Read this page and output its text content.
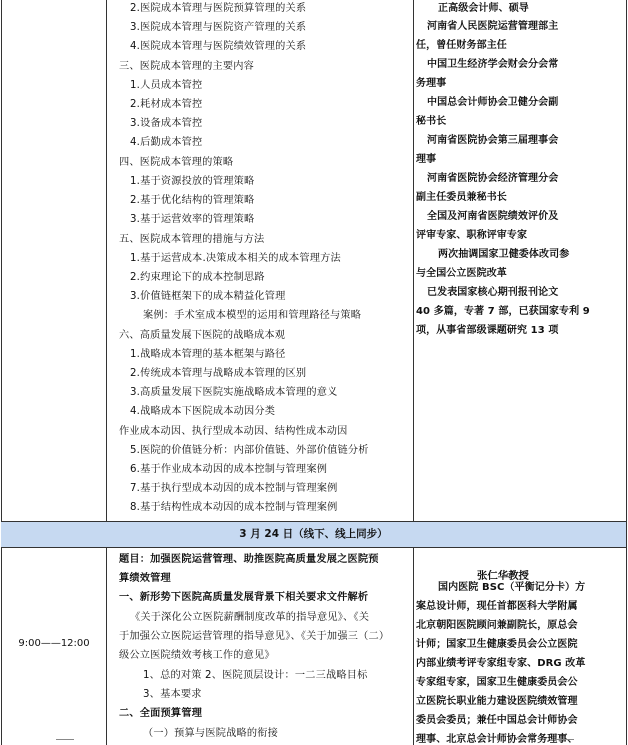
2.医院成本管理与医院预算管理的关系
3.医院成本管理与医院资产管理的关系
4.医院成本管理与医院绩效管理的关系
三、医院成本管理的主要内容
1.人员成本管控
2.耗材成本管控
3.设备成本管控
4.后勤成本管控
四、医院成本管理的策略
1.基于资源投放的管理策略
2.基于优化结构的管理策略
3.基于运营效率的管理策略
五、医院成本管理的措施与方法
1.基于运营成本.决策成本相关的成本管理方法
2.约束理论下的成本控制思路
3.价值链框架下的成本精益化管理
案例：手术室成本模型的运用和管理路径与策略
六、高质量发展下医院的战略成本观
1.战略成本管理的基本框架与路径
2.传统成本管理与战略成本管理的区别
3.高质量发展下医院实施战略成本管理的意义
4.战略成本下医院成本动因分类
作业成本动因、执行型成本动因、结构性成本动因
5.医院的价值链分析：内部价值链、外部价值链分析
6.基于作业成本动因的成本控制与管理案例
7.基于执行型成本动因的成本控制与管理案例
8.基于结构性成本动因的成本控制与管理案例
正高级会计师、硕导
河南省人民医院运营管理部主
任，曾任财务部主任
中国卫生经济学会财会分会常
务理事
中国总会计师协会卫健分会副
秘书长
河南省医院协会第三届理事会
理事
河南省医院协会经济管理分会
副主任委员兼秘书长
全国及河南省医院绩效评价及
评审专家、职称评审专家
两次抽调国家卫健委体改司参
与全国公立医院改革
已发表国家核心期刊报刊论文
40 多篇，专著 7 部，已获国家专利 9
项，从事省部级课题研究 13 项
3 月 24 日（线下、线上同步）
9:00——12:00
题目：加强医院运营管理、助推医院高质量发展之医院预
算绩效管理
一、新形势下医院高质量发展背景下相关要求文件解析
《关于深化公立医院薪酬制度改革的指导意见》、《关
于加强公立医院运营管理的指导意见》、《关于加强三（二）
级公立医院绩效考核工作的意见》
1、总的对策 2、医院顶层设计：一二三战略目标
3、基本要求
二、全面预算管理
（一）预算与医院战略的衔接
张仁华教授
国内医院 BSC（平衡记分卡）方
案总设计师，现任首都医科大学附属
北京朝阳医院顾问兼副院长，原总会
计师；国家卫生健康委员会公立医院
内部业绩考评专家组专家、DRG 改革
专家组专家，国家卫生健康委员会公
立医院长职业能力建设医院绩效管理
委员会委员；兼任中国总会计师协会
理事、北京总会计师协会常务理事、
